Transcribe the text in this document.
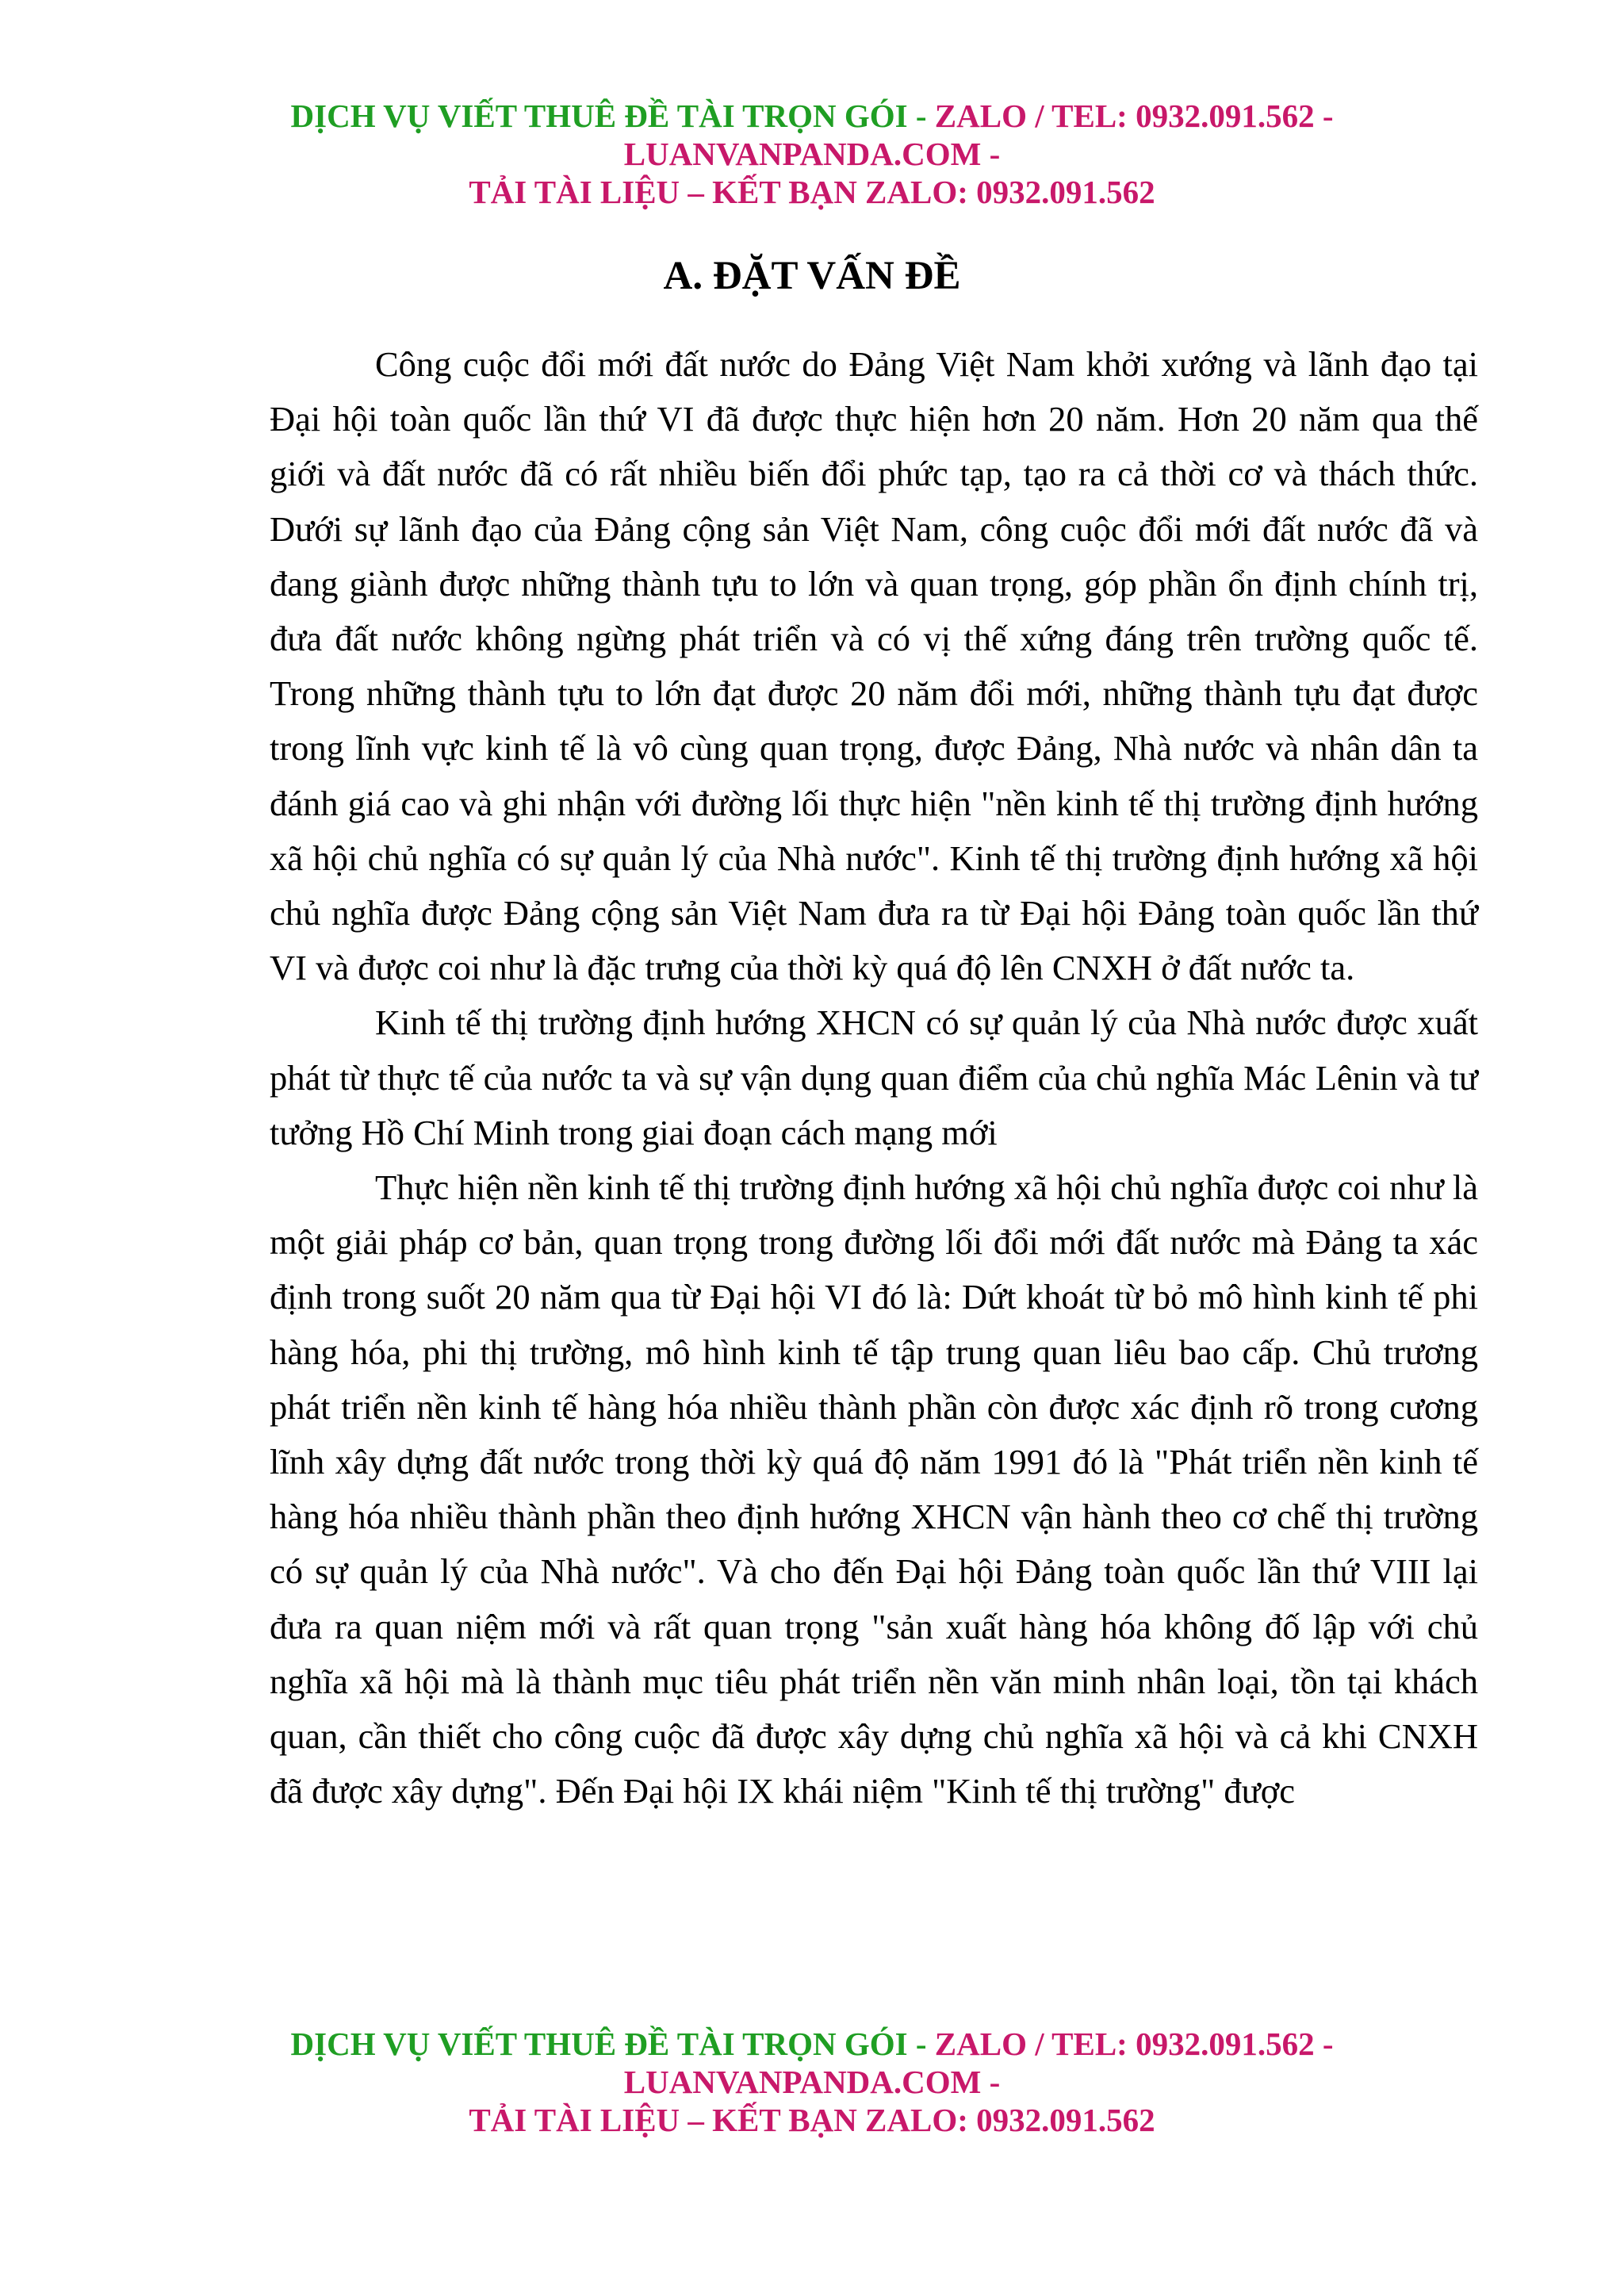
DỊCH VỤ VIẾT THUÊ ĐỀ TÀI TRỌN GÓI - ZALO / TEL: 0932.091.562 -
LUANVANPANDA.COM -
TẢI TÀI LIỆU – KẾT BẠN ZALO: 0932.091.562
A. ĐẶT VẤN ĐỀ

Công cuộc đổi mới đất nước do Đảng Việt Nam khởi xướng và lãnh đạo tại Đại hội toàn quốc lần thứ VI đã được thực hiện hơn 20 năm. Hơn 20 năm qua thế giới và đất nước đã có rất nhiều biến đổi phức tạp, tạo ra cả thời cơ và thách thức. Dưới sự lãnh đạo của Đảng cộng sản Việt Nam, công cuộc đổi mới đất nước đã và đang giành được những thành tựu to lớn và quan trọng, góp phần ổn định chính trị, đưa đất nước không ngừng phát triển và có vị thế xứng đáng trên trường quốc tế. Trong những thành tựu to lớn đạt được 20 năm đổi mới, những thành tựu đạt được trong lĩnh vực kinh tế là vô cùng quan trọng, được Đảng, Nhà nước và nhân dân ta đánh giá cao và ghi nhận với đường lối thực hiện "nền kinh tế thị trường định hướng xã hội chủ nghĩa có sự quản lý của Nhà nước". Kinh tế thị trường định hướng xã hội chủ nghĩa được Đảng cộng sản Việt Nam đưa ra từ Đại hội Đảng toàn quốc lần thứ VI và được coi như là đặc trưng của thời kỳ quá độ lên CNXH ở đất nước ta.

Kinh tế thị trường định hướng XHCN có sự quản lý của Nhà nước được xuất phát từ thực tế của nước ta và sự vận dụng quan điểm của chủ nghĩa Mác Lênin và tư tưởng Hồ Chí Minh trong giai đoạn cách mạng mới

Thực hiện nền kinh tế thị trường định hướng xã hội chủ nghĩa được coi như là một giải pháp cơ bản, quan trọng trong đường lối đổi mới đất nước mà Đảng ta xác định trong suốt 20 năm qua từ Đại hội VI đó là: Dứt khoát từ bỏ mô hình kinh tế phi hàng hóa, phi thị trường, mô hình kinh tế tập trung quan liêu bao cấp. Chủ trương phát triển nền kinh tế hàng hóa nhiều thành phần còn được xác định rõ trong cương lĩnh xây dựng đất nước trong thời kỳ quá độ năm 1991 đó là "Phát triển nền kinh tế hàng hóa nhiều thành phần theo định hướng XHCN vận hành theo cơ chế thị trường có sự quản lý của Nhà nước". Và cho đến Đại hội Đảng toàn quốc lần thứ VIII lại đưa ra quan niệm mới và rất quan trọng "sản xuất hàng hóa không đố lập với chủ nghĩa xã hội mà là thành mục tiêu phát triển nền văn minh nhân loại, tồn tại khách quan, cần thiết cho công cuộc đã được xây dựng chủ nghĩa xã hội và cả khi CNXH đã được xây dựng". Đến Đại hội IX khái niệm "Kinh tế thị trường" được

DỊCH VỤ VIẾT THUÊ ĐỀ TÀI TRỌN GÓI - ZALO / TEL: 0932.091.562 -
LUANVANPANDA.COM -
TẢI TÀI LIỆU – KẾT BẠN ZALO: 0932.091.562
